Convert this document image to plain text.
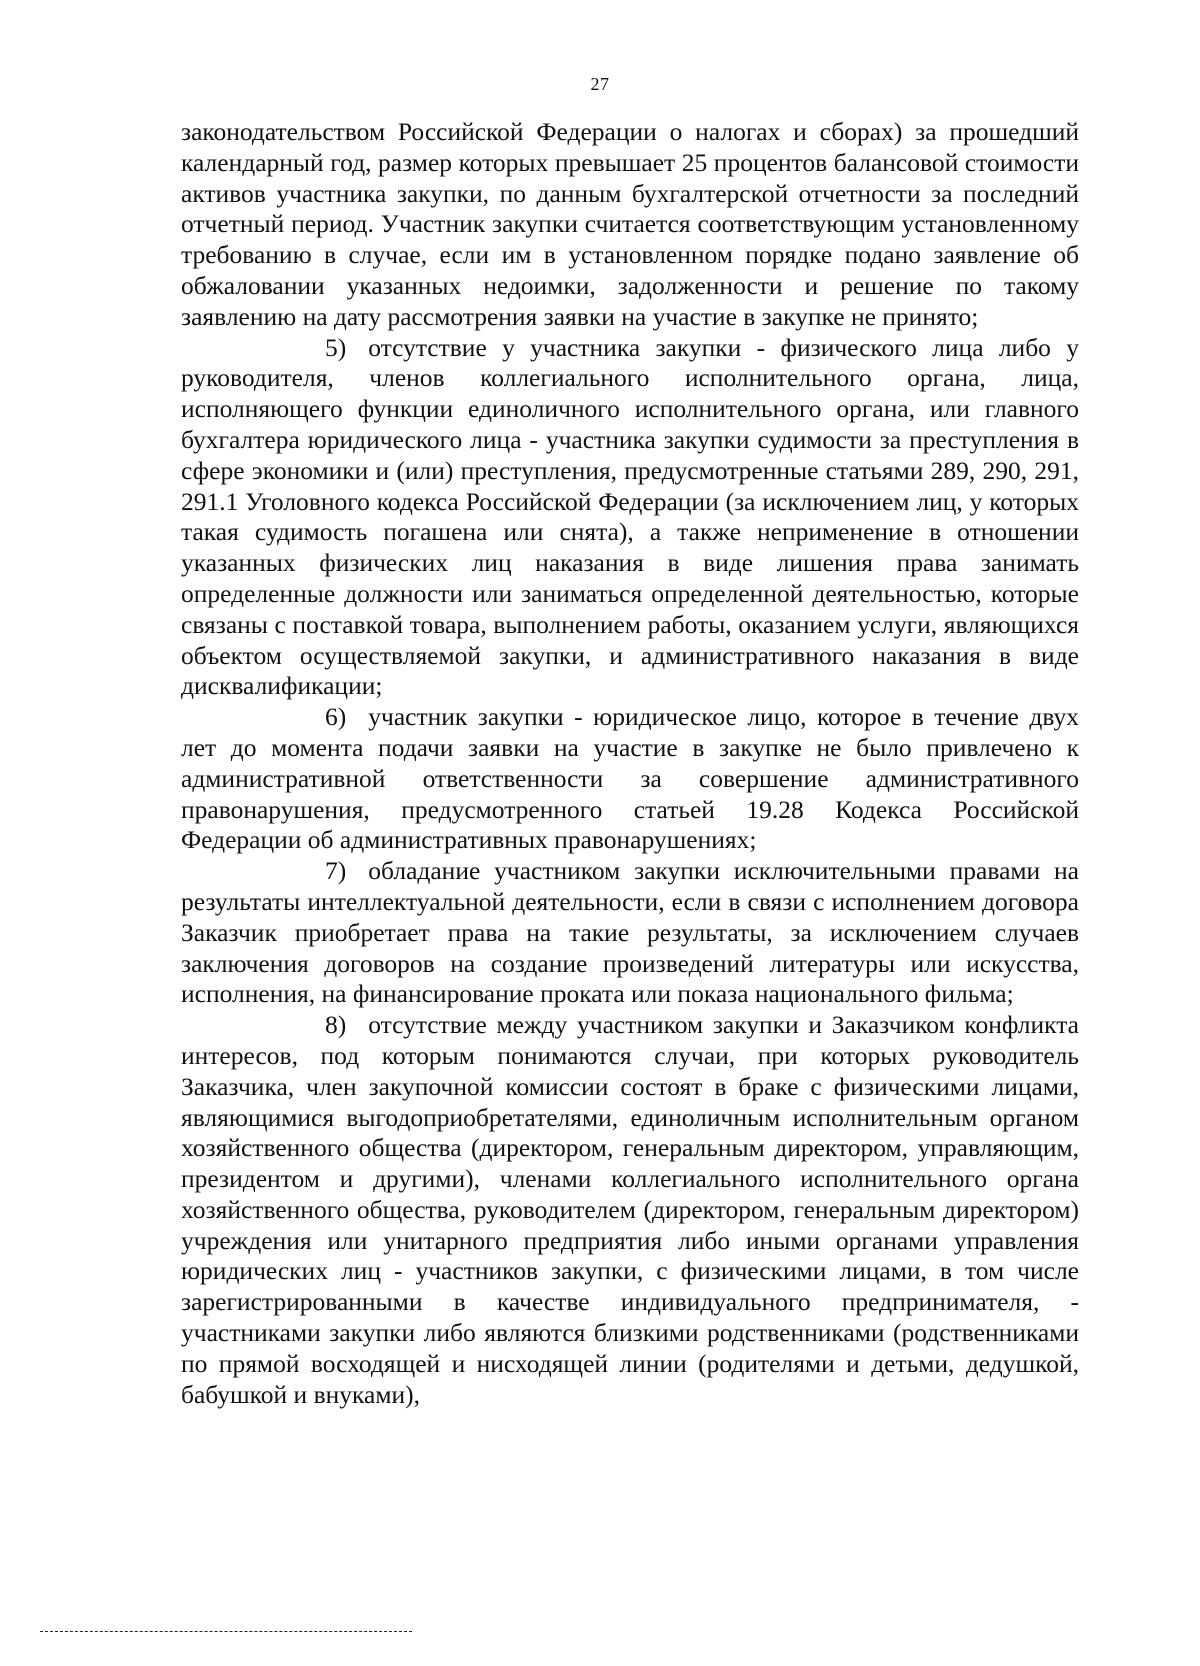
27

законодательством Российской Федерации о налогах и сборах) за прошедший календарный год, размер которых превышает 25 процентов балансовой стоимости активов участника закупки, по данным бухгалтерской отчетности за последний отчетный период. Участник закупки считается соответствующим установленному требованию в случае, если им в установленном порядке подано заявление об обжаловании указанных недоимки, задолженности и решение по такому заявлению на дату рассмотрения заявки на участие в закупке не принято;

5) отсутствие у участника закупки - физического лица либо у руководителя, членов коллегиального исполнительного органа, лица, исполняющего функции единоличного исполнительного органа, или главного бухгалтера юридического лица - участника закупки судимости за преступления в сфере экономики и (или) преступления, предусмотренные статьями 289, 290, 291, 291.1 Уголовного кодекса Российской Федерации (за исключением лиц, у которых такая судимость погашена или снята), а также неприменение в отношении указанных физических лиц наказания в виде лишения права занимать определенные должности или заниматься определенной деятельностью, которые связаны с поставкой товара, выполнением работы, оказанием услуги, являющихся объектом осуществляемой закупки, и административного наказания в виде дисквалификации;

6) участник закупки - юридическое лицо, которое в течение двух лет до момента подачи заявки на участие в закупке не было привлечено к административной ответственности за совершение административного правонарушения, предусмотренного статьей 19.28 Кодекса Российской Федерации об административных правонарушениях;

7) обладание участником закупки исключительными правами на результаты интеллектуальной деятельности, если в связи с исполнением договора Заказчик приобретает права на такие результаты, за исключением случаев заключения договоров на создание произведений литературы или искусства, исполнения, на финансирование проката или показа национального фильма;

8) отсутствие между участником закупки и Заказчиком конфликта интересов, под которым понимаются случаи, при которых руководитель Заказчика, член закупочной комиссии состоят в браке с физическими лицами, являющимися выгодоприобретателями, единоличным исполнительным органом хозяйственного общества (директором, генеральным директором, управляющим, президентом и другими), членами коллегиального исполнительного органа хозяйственного общества, руководителем (директором, генеральным директором) учреждения или унитарного предприятия либо иными органами управления юридических лиц - участников закупки, с физическими лицами, в том числе зарегистрированными в качестве индивидуального предпринимателя, - участниками закупки либо являются близкими родственниками (родственниками по прямой восходящей и нисходящей линии (родителями и детьми, дедушкой, бабушкой и внуками),
